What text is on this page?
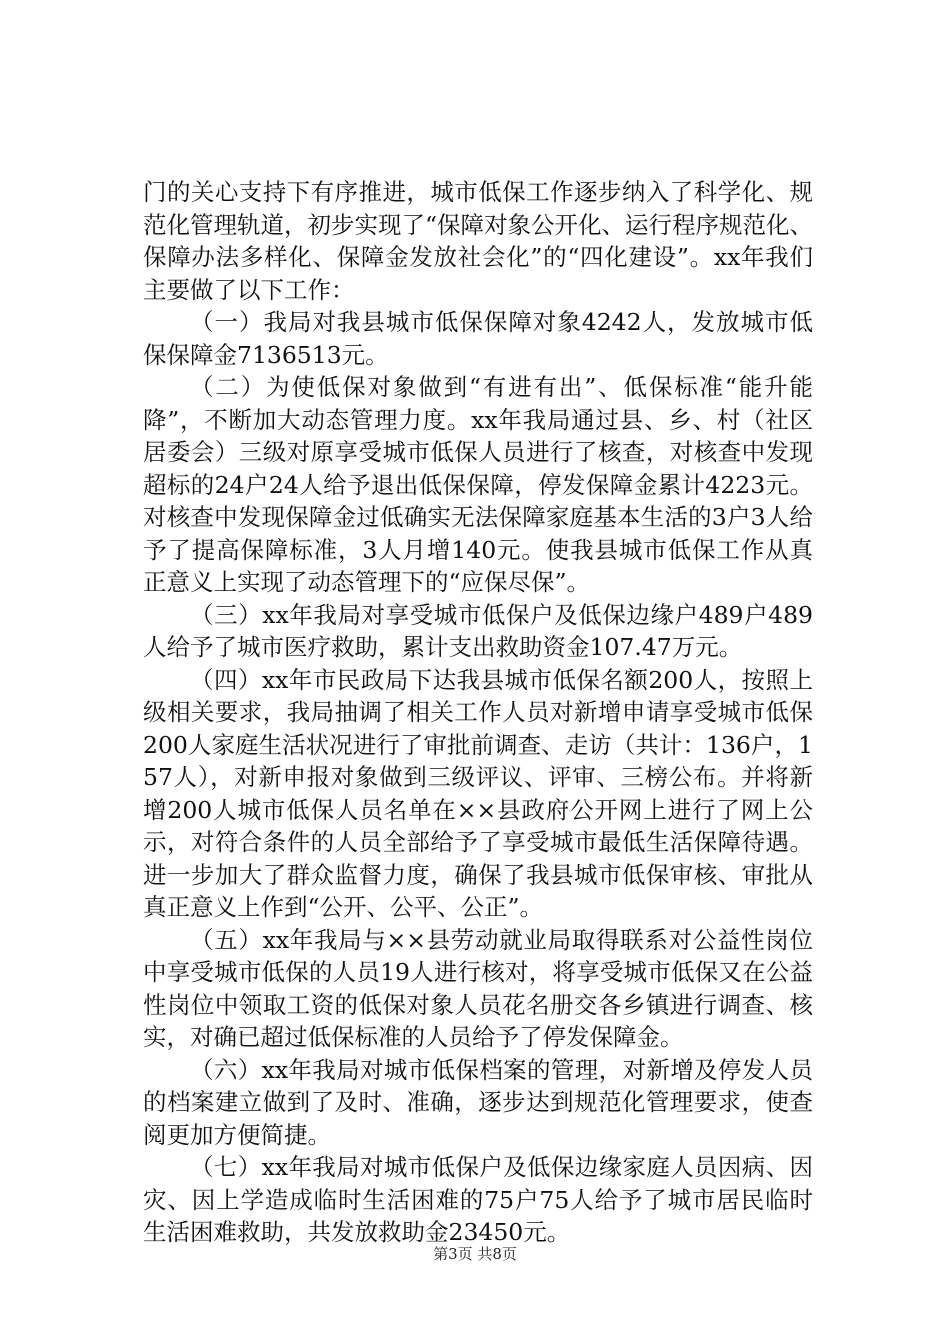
门的关心支持下有序推进，城市低保工作逐步纳入了科学化、规范化管理轨道，初步实现了“保障对象公开化、运行程序规范化、保障办法多样化、保障金发放社会化”的“四化建设”。xx年我们主要做了以下工作：

（一）我局对我县城市低保保障对象4242人，发放城市低保保障金7136513元。

（二）为使低保对象做到“有进有出”、低保标准“能升能降”，不断加大动态管理力度。xx年我局通过县、乡、村（社区居委会）三级对原享受城市低保人员进行了核查，对核查中发现超标的24户24人给予退出低保保障，停发保障金累计4223元。对核查中发现保障金过低确实无法保障家庭基本生活的3户3人给予了提高保障标准，3人月增140元。使我县城市低保工作从真正意义上实现了动态管理下的“应保尽保”。

（三）xx年我局对享受城市低保户及低保边缘户489户489人给予了城市医疗救助，累计支出救助资金107.47万元。

（四）xx年市民政局下达我县城市低保名额200人，按照上级相关要求，我局抽调了相关工作人员对新增申请享受城市低保200人家庭生活状况进行了审批前调查、走访（共计：136户，157人），对新申报对象做到三级评议、评审、三榜公布。并将新增200人城市低保人员名单在××县政府公开网上进行了网上公示，对符合条件的人员全部给予了享受城市最低生活保障待遇。进一步加大了群众监督力度，确保了我县城市低保审核、审批从真正意义上作到“公开、公平、公正”。

（五）xx年我局与××县劳动就业局取得联系对公益性岗位中享受城市低保的人员19人进行核对，将享受城市低保又在公益性岗位中领取工资的低保对象人员花名册交各乡镇进行调查、核实，对确已超过低保标准的人员给予了停发保障金。

（六）xx年我局对城市低保档案的管理，对新增及停发人员的档案建立做到了及时、准确，逐步达到规范化管理要求，使查阅更加方便简捷。

（七）xx年我局对城市低保户及低保边缘家庭人员因病、因灾、因上学造成临时生活困难的75户75人给予了城市居民临时生活困难救助，共发放救助金23450元。

第3页 共8页
